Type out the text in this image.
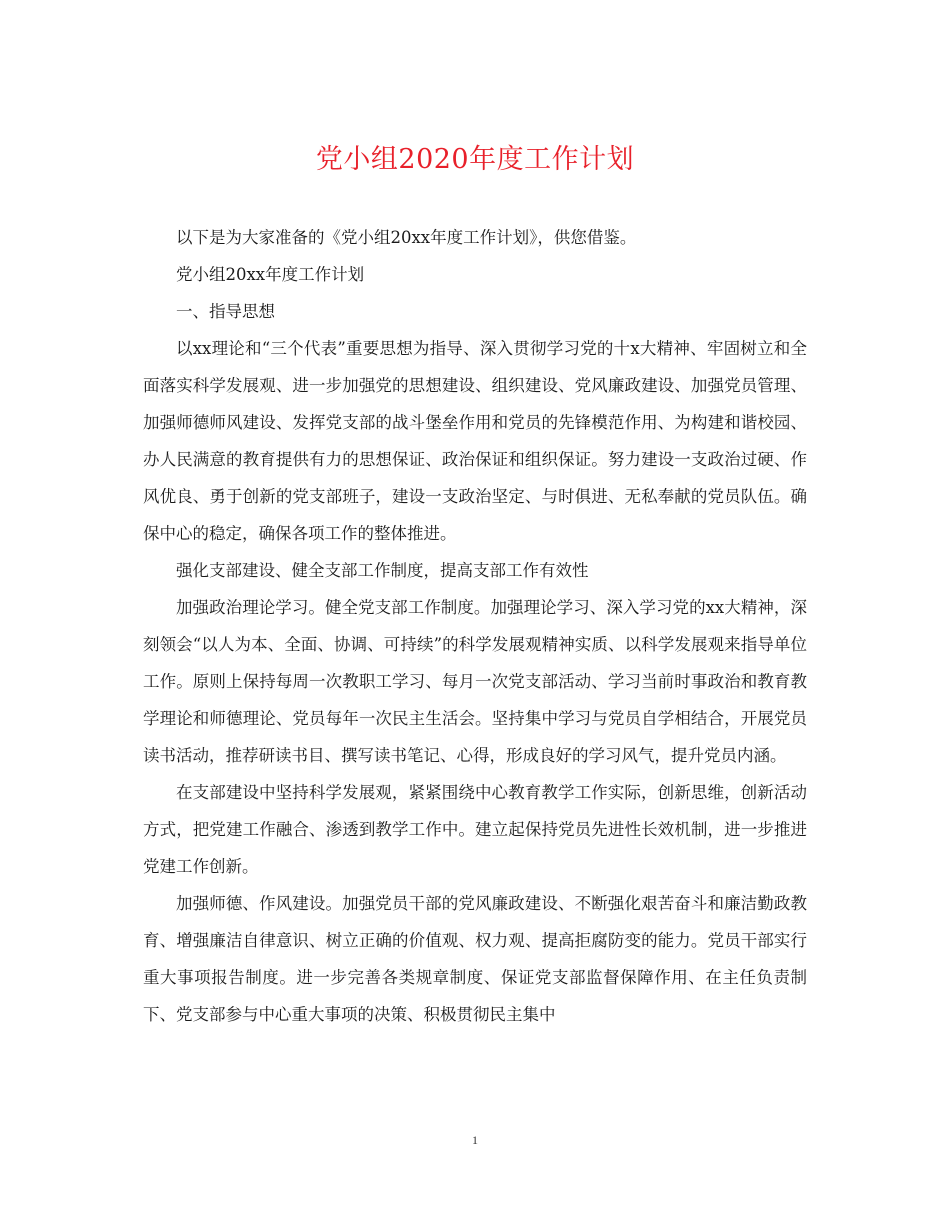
党小组2020年度工作计划

以下是为大家准备的《党小组20xx年度工作计划》，供您借鉴。

党小组20xx年度工作计划

一、指导思想

以xx理论和“三个代表”重要思想为指导、深入贯彻学习党的十x大精神、牢固树立和全面落实科学发展观、进一步加强党的思想建设、组织建设、党风廉政建设、加强党员管理、加强师德师风建设、发挥党支部的战斗堡垒作用和党员的先锋模范作用、为构建和谐校园、办人民满意的教育提供有力的思想保证、政治保证和组织保证。努力建设一支政治过硬、作风优良、勇于创新的党支部班子，建设一支政治坚定、与时俱进、无私奉献的党员队伍。确保中心的稳定，确保各项工作的整体推进。

强化支部建设、健全支部工作制度，提高支部工作有效性

加强政治理论学习。健全党支部工作制度。加强理论学习、深入学习党的xx大精神，深刻领会“以人为本、全面、协调、可持续”的科学发展观精神实质、以科学发展观来指导单位工作。原则上保持每周一次教职工学习、每月一次党支部活动、学习当前时事政治和教育教学理论和师德理论、党员每年一次民主生活会。坚持集中学习与党员自学相结合，开展党员读书活动，推荐研读书目、撰写读书笔记、心得，形成良好的学习风气，提升党员内涵。

在支部建设中坚持科学发展观，紧紧围绕中心教育教学工作实际，创新思维，创新活动方式，把党建工作融合、渗透到教学工作中。建立起保持党员先进性长效机制，进一步推进党建工作创新。

加强师德、作风建设。加强党员干部的党风廉政建设、不断强化艰苦奋斗和廉洁勤政教育、增强廉洁自律意识、树立正确的价值观、权力观、提高拒腐防变的能力。党员干部实行重大事项报告制度。进一步完善各类规章制度、保证党支部监督保障作用、在主任负责制下、党支部参与中心重大事项的决策、积极贯彻民主集中

1
